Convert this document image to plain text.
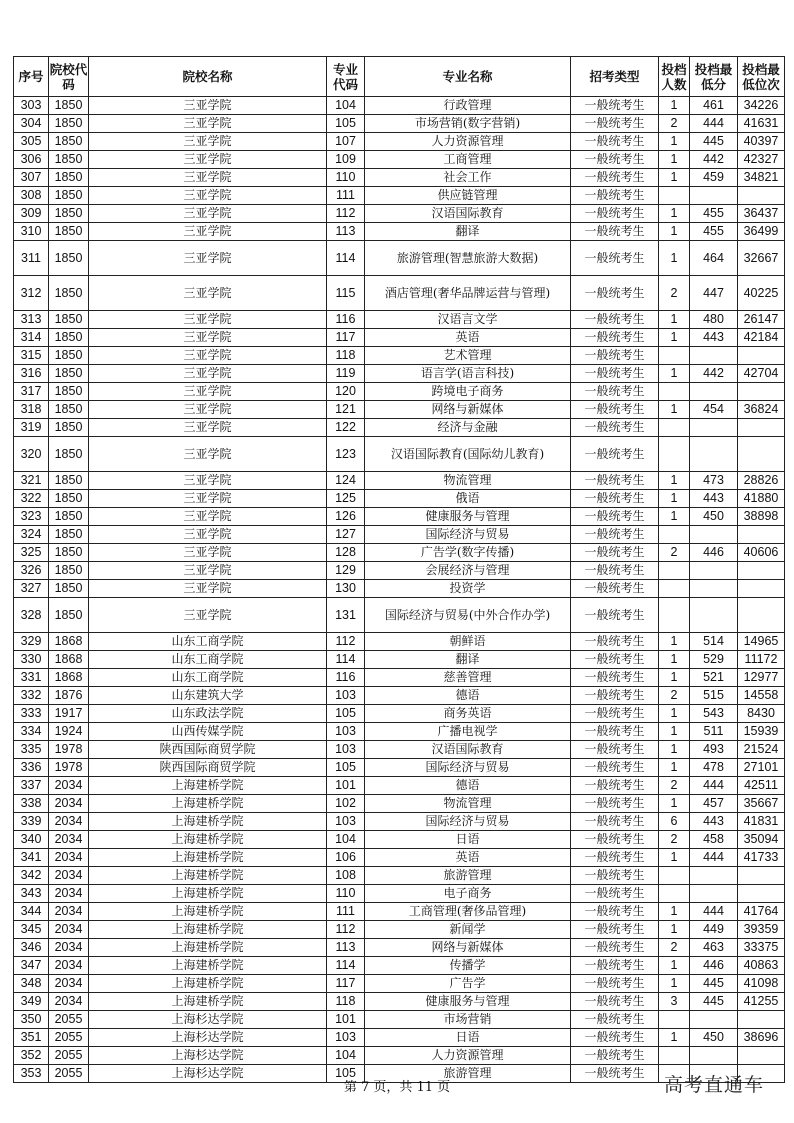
序号	院校代码	院校名称	专业代码	专业名称	招考类型	投档人数	投档最低分	投档最低位次
303	1850	三亚学院	104	行政管理	一般统考生	1	461	34226
304	1850	三亚学院	105	市场营销(数字营销)	一般统考生	2	444	41631
305	1850	三亚学院	107	人力资源管理	一般统考生	1	445	40397
306	1850	三亚学院	109	工商管理	一般统考生	1	442	42327
307	1850	三亚学院	110	社会工作	一般统考生	1	459	34821
308	1850	三亚学院	111	供应链管理	一般统考生			
309	1850	三亚学院	112	汉语国际教育	一般统考生	1	455	36437
310	1850	三亚学院	113	翻译	一般统考生	1	455	36499
311	1850	三亚学院	114	旅游管理(智慧旅游大数据)	一般统考生	1	464	32667
312	1850	三亚学院	115	酒店管理(奢华品牌运营与管理)	一般统考生	2	447	40225
313	1850	三亚学院	116	汉语言文学	一般统考生	1	480	26147
314	1850	三亚学院	117	英语	一般统考生	1	443	42184
315	1850	三亚学院	118	艺术管理	一般统考生			
316	1850	三亚学院	119	语言学(语言科技)	一般统考生	1	442	42704
317	1850	三亚学院	120	跨境电子商务	一般统考生			
318	1850	三亚学院	121	网络与新媒体	一般统考生	1	454	36824
319	1850	三亚学院	122	经济与金融	一般统考生			
320	1850	三亚学院	123	汉语国际教育(国际幼儿教育)	一般统考生			
321	1850	三亚学院	124	物流管理	一般统考生	1	473	28826
322	1850	三亚学院	125	俄语	一般统考生	1	443	41880
323	1850	三亚学院	126	健康服务与管理	一般统考生	1	450	38898
324	1850	三亚学院	127	国际经济与贸易	一般统考生			
325	1850	三亚学院	128	广告学(数字传播)	一般统考生	2	446	40606
326	1850	三亚学院	129	会展经济与管理	一般统考生			
327	1850	三亚学院	130	投资学	一般统考生			
328	1850	三亚学院	131	国际经济与贸易(中外合作办学)	一般统考生			
329	1868	山东工商学院	112	朝鲜语	一般统考生	1	514	14965
330	1868	山东工商学院	114	翻译	一般统考生	1	529	11172
331	1868	山东工商学院	116	慈善管理	一般统考生	1	521	12977
332	1876	山东建筑大学	103	德语	一般统考生	2	515	14558
333	1917	山东政法学院	105	商务英语	一般统考生	1	543	8430
334	1924	山西传媒学院	103	广播电视学	一般统考生	1	511	15939
335	1978	陕西国际商贸学院	103	汉语国际教育	一般统考生	1	493	21524
336	1978	陕西国际商贸学院	105	国际经济与贸易	一般统考生	1	478	27101
337	2034	上海建桥学院	101	德语	一般统考生	2	444	42511
338	2034	上海建桥学院	102	物流管理	一般统考生	1	457	35667
339	2034	上海建桥学院	103	国际经济与贸易	一般统考生	6	443	41831
340	2034	上海建桥学院	104	日语	一般统考生	2	458	35094
341	2034	上海建桥学院	106	英语	一般统考生	1	444	41733
342	2034	上海建桥学院	108	旅游管理	一般统考生			
343	2034	上海建桥学院	110	电子商务	一般统考生			
344	2034	上海建桥学院	111	工商管理(奢侈品管理)	一般统考生	1	444	41764
345	2034	上海建桥学院	112	新闻学	一般统考生	1	449	39359
346	2034	上海建桥学院	113	网络与新媒体	一般统考生	2	463	33375
347	2034	上海建桥学院	114	传播学	一般统考生	1	446	40863
348	2034	上海建桥学院	117	广告学	一般统考生	1	445	41098
349	2034	上海建桥学院	118	健康服务与管理	一般统考生	3	445	41255
350	2055	上海杉达学院	101	市场营销	一般统考生			
351	2055	上海杉达学院	103	日语	一般统考生	1	450	38696
352	2055	上海杉达学院	104	人力资源管理	一般统考生			
353	2055	上海杉达学院	105	旅游管理	一般统考生			
第 7 页，共 11 页	高考直通车
